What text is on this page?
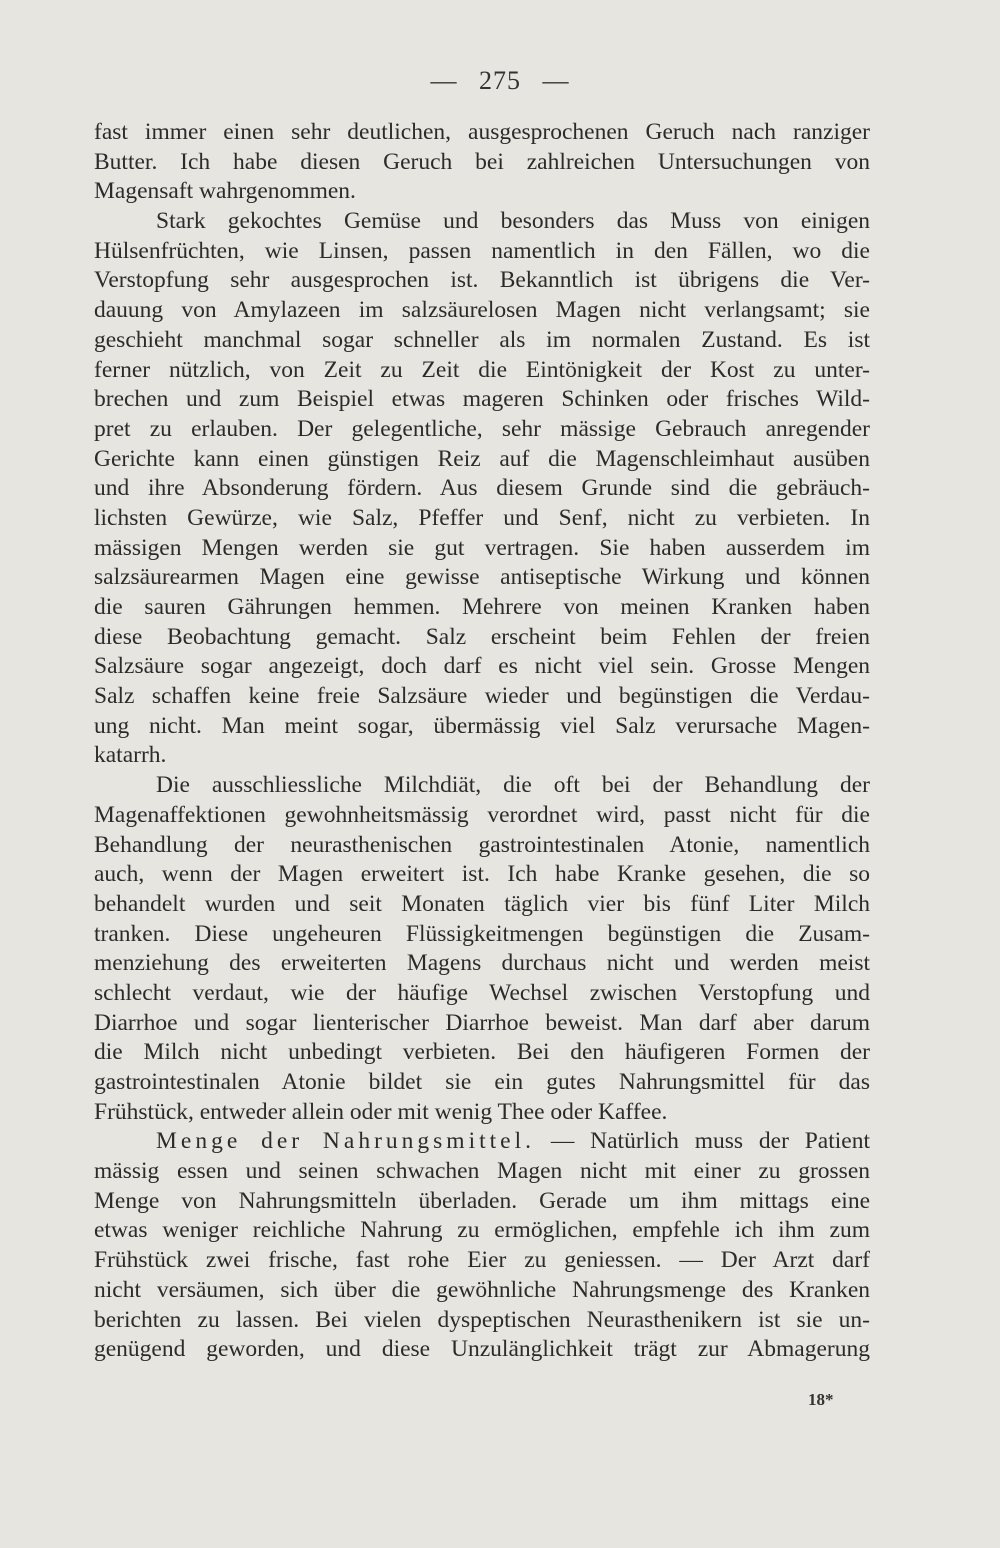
— 275 —
fast immer einen sehr deutlichen, ausgesprochenen Geruch nach ranziger
Butter. Ich habe diesen Geruch bei zahlreichen Untersuchungen von
Magensaft wahrgenommen.
Stark gekochtes Gemüse und besonders das Muss von einigen
Hülsenfrüchten, wie Linsen, passen namentlich in den Fällen, wo die
Verstopfung sehr ausgesprochen ist. Bekanntlich ist übrigens die Ver-
dauung von Amylazeen im salzsäurelosen Magen nicht verlangsamt; sie
geschieht manchmal sogar schneller als im normalen Zustand. Es ist
ferner nützlich, von Zeit zu Zeit die Eintönigkeit der Kost zu unter-
brechen und zum Beispiel etwas mageren Schinken oder frisches Wild-
pret zu erlauben. Der gelegentliche, sehr mässige Gebrauch anregender
Gerichte kann einen günstigen Reiz auf die Magenschleimhaut ausüben
und ihre Absonderung fördern. Aus diesem Grunde sind die gebräuch-
lichsten Gewürze, wie Salz, Pfeffer und Senf, nicht zu verbieten. In
mässigen Mengen werden sie gut vertragen. Sie haben ausserdem im
salzsäurearmen Magen eine gewisse antiseptische Wirkung und können
die sauren Gährungen hemmen. Mehrere von meinen Kranken haben
diese Beobachtung gemacht. Salz erscheint beim Fehlen der freien
Salzsäure sogar angezeigt, doch darf es nicht viel sein. Grosse Mengen
Salz schaffen keine freie Salzsäure wieder und begünstigen die Verdau-
ung nicht. Man meint sogar, übermässig viel Salz verursache Magen-
katarrh.
Die ausschliessliche Milchdiät, die oft bei der Behandlung der
Magenaffektionen gewohnheitsmässig verordnet wird, passt nicht für die
Behandlung der neurasthenischen gastrointestinalen Atonie, namentlich
auch, wenn der Magen erweitert ist. Ich habe Kranke gesehen, die so
behandelt wurden und seit Monaten täglich vier bis fünf Liter Milch
tranken. Diese ungeheuren Flüssigkeitmengen begünstigen die Zusam-
menziehung des erweiterten Magens durchaus nicht und werden meist
schlecht verdaut, wie der häufige Wechsel zwischen Verstopfung und
Diarrhoe und sogar lienterischer Diarrhoe beweist. Man darf aber darum
die Milch nicht unbedingt verbieten. Bei den häufigeren Formen der
gastrointestinalen Atonie bildet sie ein gutes Nahrungsmittel für das
Frühstück, entweder allein oder mit wenig Thee oder Kaffee.
Menge der Nahrungsmittel. — Natürlich muss der Patient
mässig essen und seinen schwachen Magen nicht mit einer zu grossen
Menge von Nahrungsmitteln überladen. Gerade um ihm mittags eine
etwas weniger reichliche Nahrung zu ermöglichen, empfehle ich ihm zum
Frühstück zwei frische, fast rohe Eier zu geniessen. — Der Arzt darf
nicht versäumen, sich über die gewöhnliche Nahrungsmenge des Kranken
berichten zu lassen. Bei vielen dyspeptischen Neurasthenikern ist sie un-
genügend geworden, und diese Unzulänglichkeit trägt zur Abmagerung
18*
